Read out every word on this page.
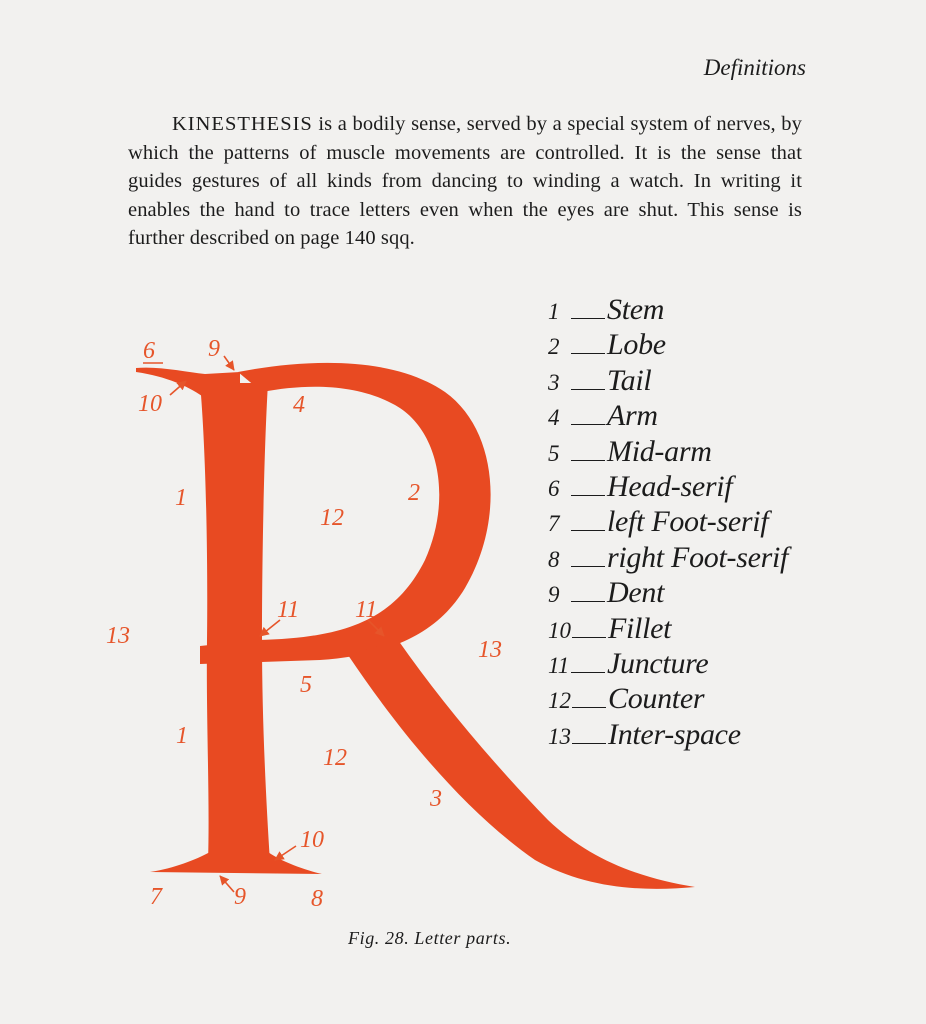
Definitions

KINESTHESIS is a bodily sense, served by a special system of nerves, by which the patterns of muscle movements are controlled. It is the sense that guides gestures of all kinds from dancing to winding a watch. In writing it enables the hand to trace letters even when the eyes are shut. This sense is further described on page 140 sqq.

6 9
10	4
1
12
2
11 11
13
13
5
1
12
3
10
7	9	8
1 Stem
2 Lobe
3 Tail
4 Arm
5 Mid-arm
6 Head-serif
7 left Foot-serif
8 right Foot-serif
9 Dent
10 Fillet
11 Juncture
12 Counter
13 Inter-space
Fig. 28. Letter parts.
